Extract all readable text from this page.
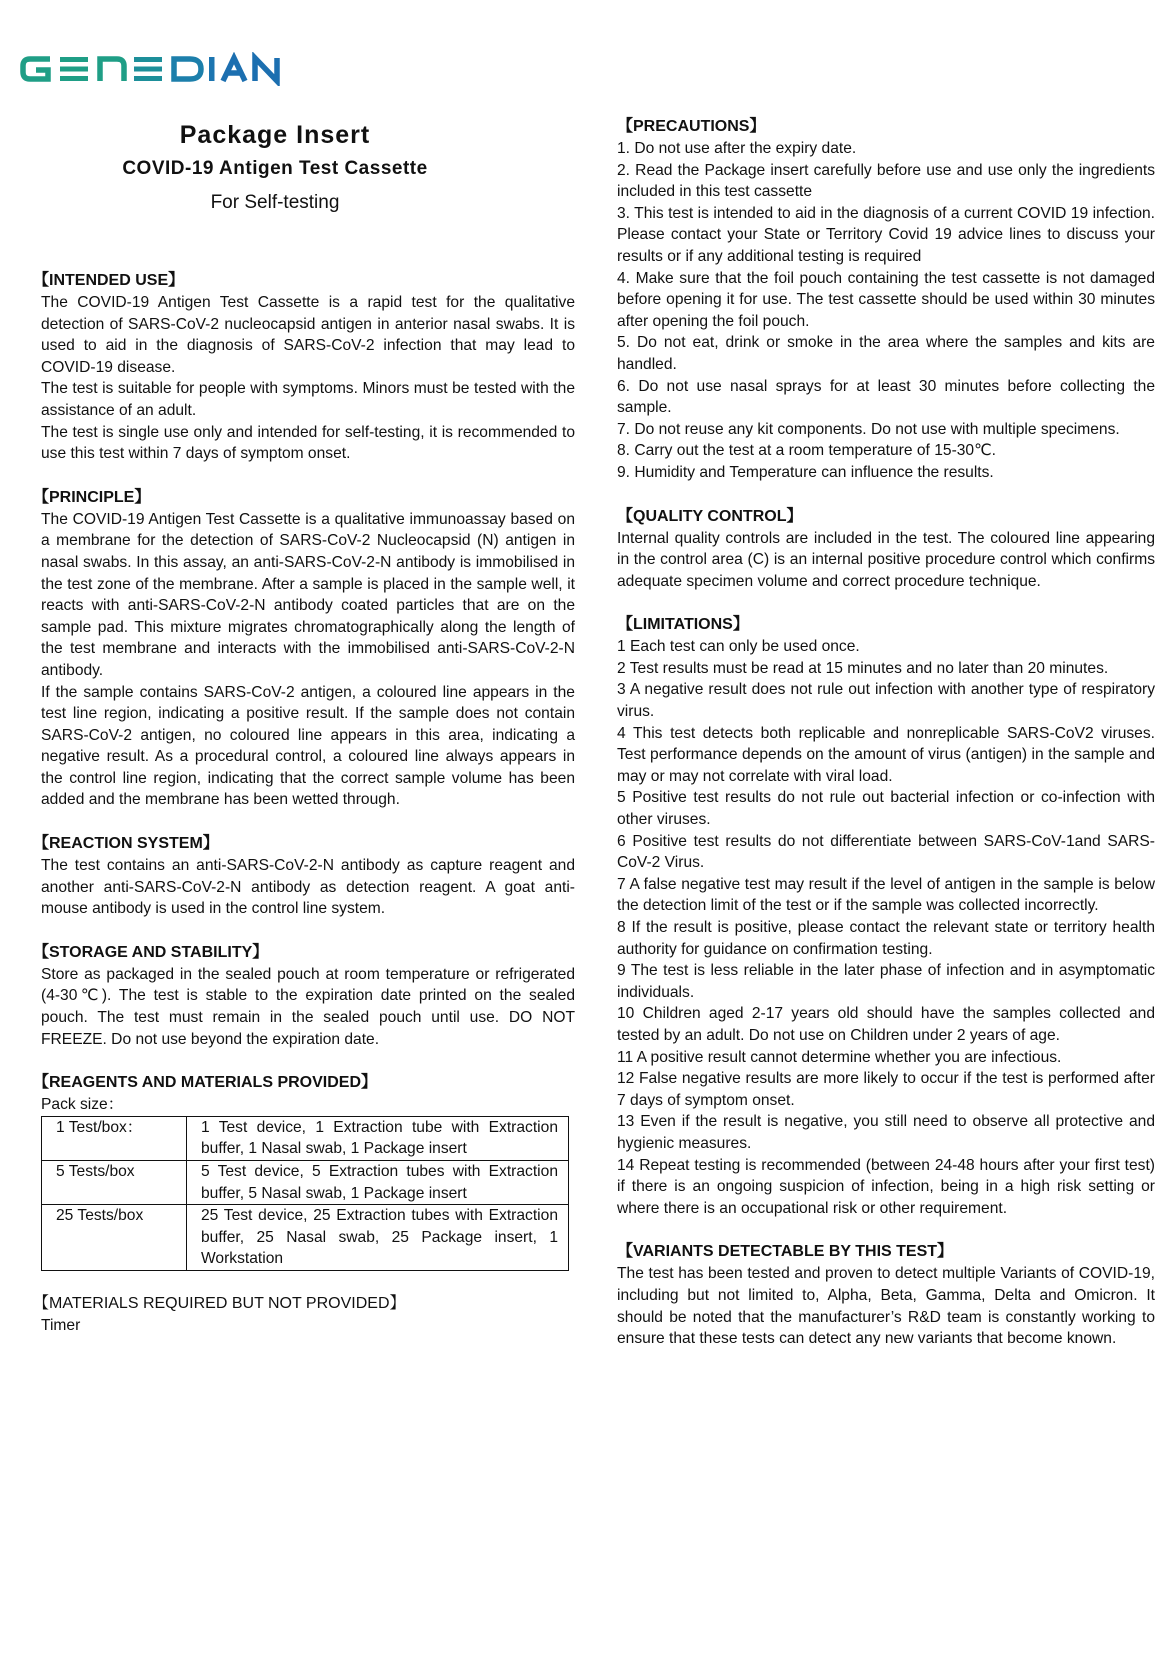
Package Insert

COVID-19 Antigen Test Cassette

For Self-testing

【INTENDED USE】

The COVID-19 Antigen Test Cassette is a rapid test for the qualitative detection of SARS-CoV-2 nucleocapsid antigen in anterior nasal swabs. It is used to aid in the diagnosis of SARS-CoV-2 infection that may lead to COVID-19 disease.

The test is suitable for people with symptoms. Minors must be tested with the assistance of an adult.

The test is single use only and intended for self-testing, it is recommended to use this test within 7 days of symptom onset.

【PRINCIPLE】

The COVID-19 Antigen Test Cassette is a qualitative immunoassay based on a membrane for the detection of SARS-CoV-2 Nucleocapsid (N) antigen in nasal swabs. In this assay, an anti-SARS-CoV-2-N antibody is immobilised in the test zone of the membrane. After a sample is placed in the sample well, it reacts with anti-SARS-CoV-2-N antibody coated particles that are on the sample pad. This mixture migrates chromatographically along the length of the test membrane and interacts with the immobilised anti-SARS-CoV-2-N antibody.

If the sample contains SARS-CoV-2 antigen, a coloured line appears in the test line region, indicating a positive result. If the sample does not contain SARS-CoV-2 antigen, no coloured line appears in this area, indicating a negative result. As a procedural control, a coloured line always appears in the control line region, indicating that the correct sample volume has been added and the membrane has been wetted through.

【REACTION SYSTEM】

The test contains an anti-SARS-CoV-2-N antibody as capture reagent and another anti-SARS-CoV-2-N antibody as detection reagent. A goat anti- mouse antibody is used in the control line system.

【STORAGE AND STABILITY】

Store as packaged in the sealed pouch at room temperature or refrigerated (4-30℃). The test is stable to the expiration date printed on the sealed pouch. The test must remain in the sealed pouch until use. DO NOT FREEZE. Do not use beyond the expiration date.

【REAGENTS AND MATERIALS PROVIDED】

Pack size：

1 Test/box：	1 Test device, 1 Extraction tube with Extraction buffer, 1 Nasal swab, 1 Package insert
5 Tests/box	5 Test device, 5 Extraction tubes with Extraction buffer, 5 Nasal swab, 1 Package insert
25 Tests/box	25 Test device, 25 Extraction tubes with Extraction buffer, 25 Nasal swab, 25 Package insert, 1 Workstation

【MATERIALS REQUIRED BUT NOT PROVIDED】

Timer

【PRECAUTIONS】

1. Do not use after the expiry date.

2. Read the Package insert carefully before use and use only the ingredients included in this test cassette

3. This test is intended to aid in the diagnosis of a current COVID 19 infection. Please contact your State or Territory Covid 19 advice lines to discuss your results or if any additional testing is required

4. Make sure that the foil pouch containing the test cassette is not damaged before opening it for use. The test cassette should be used within 30 minutes after opening the foil pouch.

5. Do not eat, drink or smoke in the area where the samples and kits are handled.

6. Do not use nasal sprays for at least 30 minutes before collecting the sample.

7. Do not reuse any kit components. Do not use with multiple specimens.

8. Carry out the test at a room temperature of 15-30℃.

9. Humidity and Temperature can influence the results.

【QUALITY CONTROL】

Internal quality controls are included in the test. The coloured line appearing in the control area (C) is an internal positive procedure control which confirms adequate specimen volume and correct procedure technique.

【LIMITATIONS】

1 Each test can only be used once.

2 Test results must be read at 15 minutes and no later than 20 minutes.

3 A negative result does not rule out infection with another type of respiratory virus.

4 This test detects both replicable and nonreplicable SARS-CoV2 viruses. Test performance depends on the amount of virus (antigen) in the sample and may or may not correlate with viral load.

5 Positive test results do not rule out bacterial infection or co-infection with other viruses.

6 Positive test results do not differentiate between SARS-CoV-1and SARS-CoV-2 Virus.

7 A false negative test may result if the level of antigen in the sample is below the detection limit of the test or if the sample was collected incorrectly.

8 If the result is positive, please contact the relevant state or territory health authority for guidance on confirmation testing.

9 The test is less reliable in the later phase of infection and in asymptomatic individuals.

10 Children aged 2-17 years old should have the samples collected and tested by an adult. Do not use on Children under 2 years of age.

11 A positive result cannot determine whether you are infectious.

12 False negative results are more likely to occur if the test is performed after 7 days of symptom onset.

13 Even if the result is negative, you still need to observe all protective and hygienic measures.

14 Repeat testing is recommended (between 24-48 hours after your first test) if there is an ongoing suspicion of infection, being in a high risk setting or where there is an occupational risk or other requirement.

【VARIANTS DETECTABLE BY THIS TEST】

The test has been tested and proven to detect multiple Variants of COVID-19, including but not limited to, Alpha, Beta, Gamma, Delta and Omicron. It should be noted that the manufacturer’s R&D team is constantly working to ensure that these tests can detect any new variants that become known.
